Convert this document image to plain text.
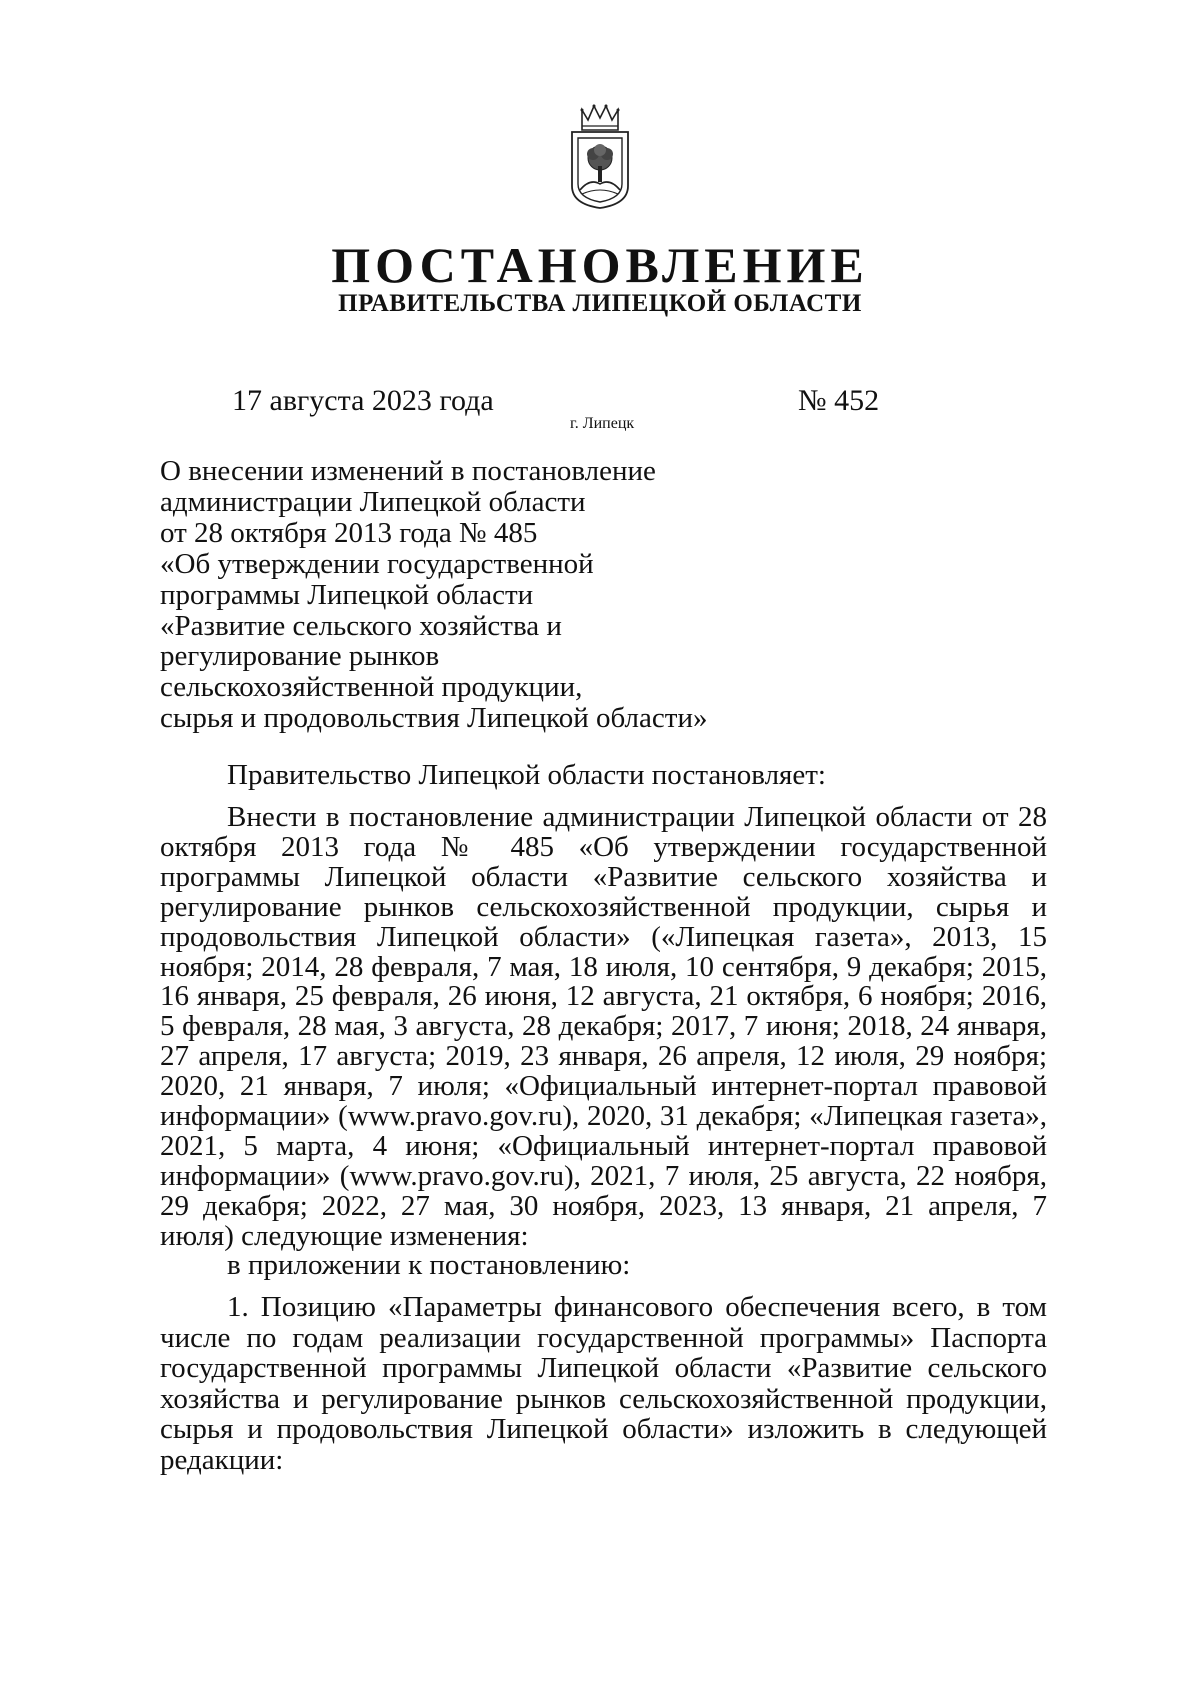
ПОСТАНОВЛЕНИЕ
ПРАВИТЕЛЬСТВА ЛИПЕЦКОЙ ОБЛАСТИ
17 августа 2023 года
г. Липецк
№ 452
О внесении изменений в постановление
администрации Липецкой области
от 28 октября 2013 года № 485
«Об утверждении государственной
программы Липецкой области
«Развитие сельского хозяйства и
регулирование рынков
сельскохозяйственной продукции,
сырья и продовольствия Липецкой области»
Правительство Липецкой области постановляет:
Внести в постановление администрации Липецкой области от 28 октября 2013 года № 485 «Об утверждении государственной программы Липецкой области «Развитие сельского хозяйства и регулирование рынков сельскохозяйственной продукции, сырья и продовольствия Липецкой области» («Липецкая газета», 2013, 15 ноября; 2014, 28 февраля, 7 мая, 18 июля, 10 сентября, 9 декабря; 2015, 16 января, 25 февраля, 26 июня, 12 августа, 21 октября, 6 ноября; 2016, 5 февраля, 28 мая, 3 августа, 28 декабря; 2017, 7 июня; 2018, 24 января, 27 апреля, 17 августа; 2019, 23 января, 26 апреля, 12 июля, 29 ноября; 2020, 21 января, 7 июля; «Официальный интернет-портал правовой информации» (www.pravo.gov.ru), 2020, 31 декабря; «Липецкая газета», 2021, 5 марта, 4 июня; «Официальный интернет-портал правовой информации» (www.pravo.gov.ru), 2021, 7 июля, 25 августа, 22 ноября, 29 декабря; 2022, 27 мая, 30 ноября, 2023, 13 января, 21 апреля, 7 июля) следующие изменения:
в приложении к постановлению:
1. Позицию «Параметры финансового обеспечения всего, в том числе по годам реализации государственной программы» Паспорта государственной программы Липецкой области «Развитие сельского хозяйства и регулирование рынков сельскохозяйственной продукции, сырья и продовольствия Липецкой области» изложить в следующей редакции:
